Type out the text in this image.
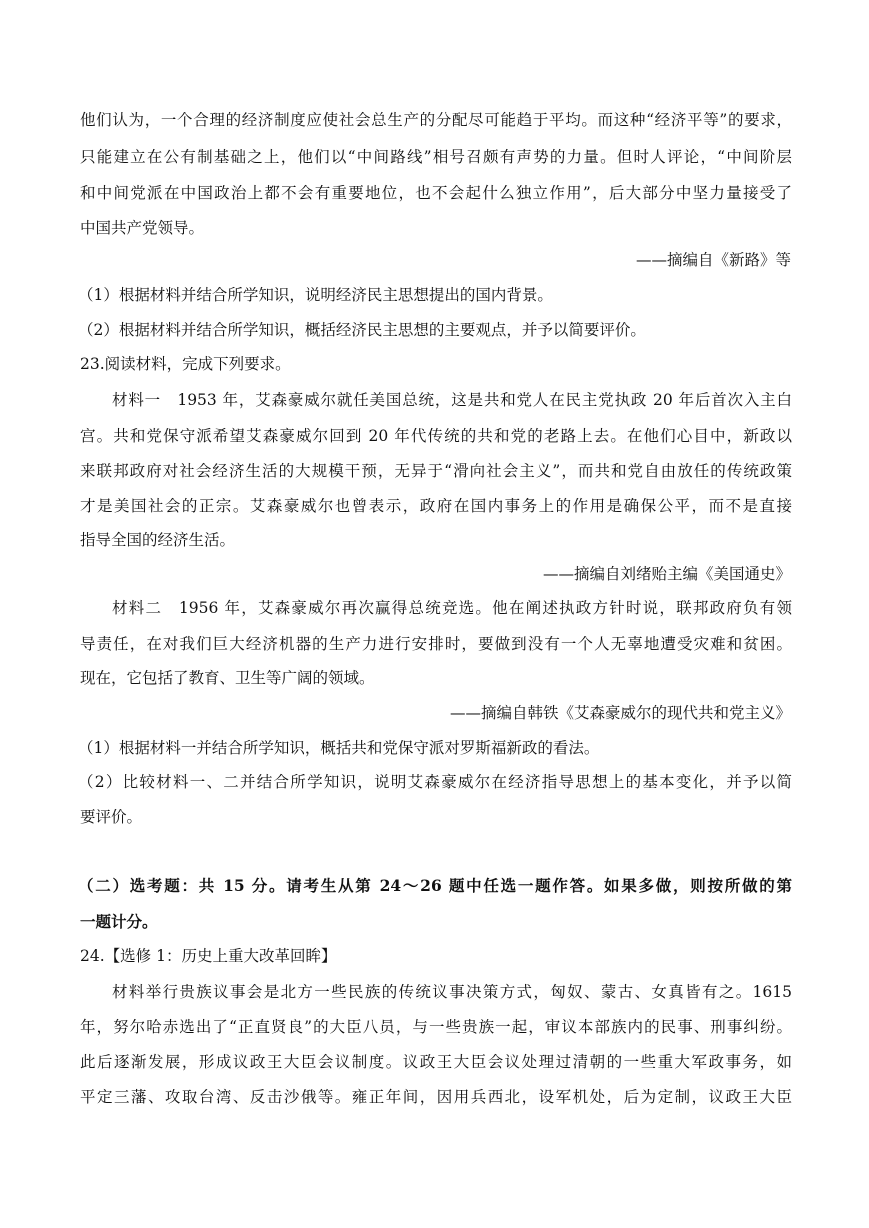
他们认为，一个合理的经济制度应使社会总生产的分配尽可能趋于平均。而这种“经济平等”的要求，
只能建立在公有制基础之上，他们以“中间路线”相号召颇有声势的力量。但时人评论，“中间阶层
和中间党派在中国政治上都不会有重要地位，也不会起什么独立作用”，后大部分中坚力量接受了
中国共产党领导。
——摘编自《新路》等
（1）根据材料并结合所学知识，说明经济民主思想提出的国内背景。
（2）根据材料并结合所学知识，概括经济民主思想的主要观点，并予以简要评价。
23.阅读材料，完成下列要求。
材料一　1953 年，艾森豪威尔就任美国总统，这是共和党人在民主党执政 20 年后首次入主白
宫。共和党保守派希望艾森豪威尔回到 20 年代传统的共和党的老路上去。在他们心目中，新政以
来联邦政府对社会经济生活的大规模干预，无异于“滑向社会主义”，而共和党自由放任的传统政策
才是美国社会的正宗。艾森豪威尔也曾表示，政府在国内事务上的作用是确保公平，而不是直接
指导全国的经济生活。
——摘编自刘绪贻主编《美国通史》
材料二　1956 年，艾森豪威尔再次赢得总统竞选。他在阐述执政方针时说，联邦政府负有领
导责任，在对我们巨大经济机器的生产力进行安排时，要做到没有一个人无辜地遭受灾难和贫困。
现在，它包括了教育、卫生等广阔的领域。
——摘编自韩铁《艾森豪威尔的现代共和党主义》
（1）根据材料一并结合所学知识，概括共和党保守派对罗斯福新政的看法。
（2）比较材料一、二并结合所学知识，说明艾森豪威尔在经济指导思想上的基本变化，并予以简
要评价。
（二）选考题：共 15 分。请考生从第 24～26 题中任选一题作答。如果多做，则按所做的第
一题计分。
24.【选修 1：历史上重大改革回眸】
材料举行贵族议事会是北方一些民族的传统议事决策方式，匈奴、蒙古、女真皆有之。1615
年，努尔哈赤选出了“正直贤良”的大臣八员，与一些贵族一起，审议本部族内的民事、刑事纠纷。
此后逐渐发展，形成议政王大臣会议制度。议政王大臣会议处理过清朝的一些重大军政事务，如
平定三藩、攻取台湾、反击沙俄等。雍正年间，因用兵西北，设军机处，后为定制，议政王大臣
